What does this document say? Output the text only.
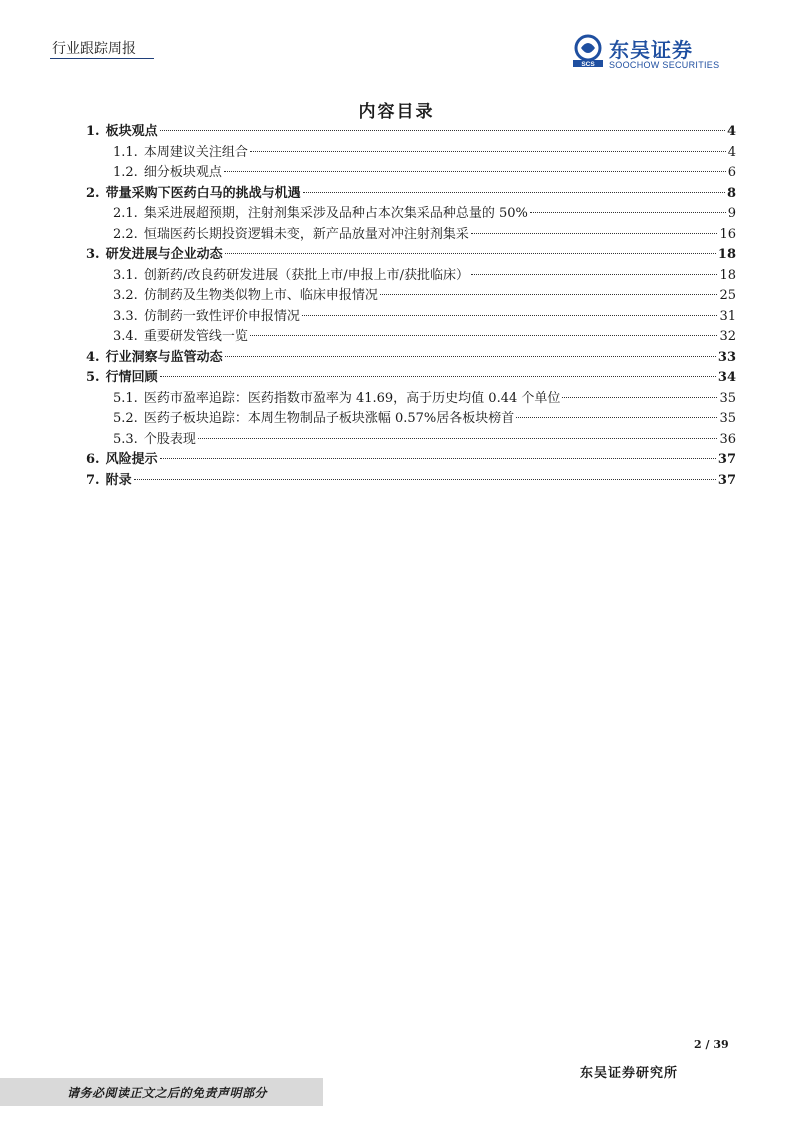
行业跟踪周报
SCS
东吴证券
SOOCHOW SECURITIES
内容目录
1. 板块观点	4
1.1. 本周建议关注组合	4
1.2. 细分板块观点	6
2. 带量采购下医药白马的挑战与机遇	8
2.1. 集采进展超预期，注射剂集采涉及品种占本次集采品种总量的 50%	9
2.2. 恒瑞医药长期投资逻辑未变，新产品放量对冲注射剂集采	16
3. 研发进展与企业动态	18
3.1. 创新药/改良药研发进展（获批上市/申报上市/获批临床）	18
3.2. 仿制药及生物类似物上市、临床申报情况	25
3.3. 仿制药一致性评价申报情况	31
3.4. 重要研发管线一览	32
4. 行业洞察与监管动态	33
5. 行情回顾	34
5.1. 医药市盈率追踪：医药指数市盈率为 41.69，高于历史均值 0.44 个单位	35
5.2. 医药子板块追踪：本周生物制品子板块涨幅 0.57%居各板块榜首	35
5.3. 个股表现	36
6. 风险提示	37
7. 附录	37
2 / 39
东吴证券研究所
请务必阅读正文之后的免责声明部分
